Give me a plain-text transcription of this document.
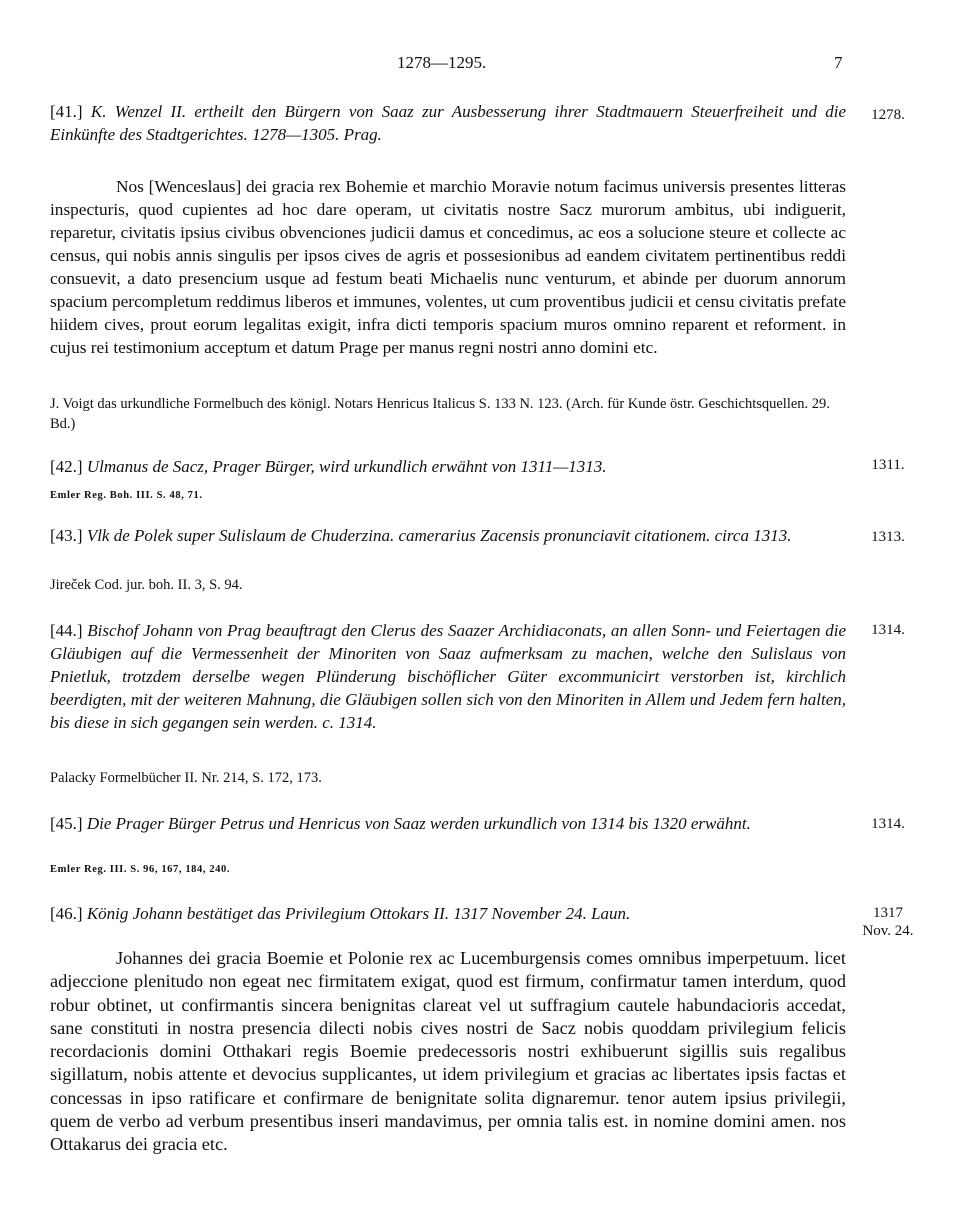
1278—1295.	7
[41.] K. Wenzel II. ertheilt den Bürgern von Saaz zur Ausbesserung ihrer Stadtmauern Steuerfreiheit und die Einkünfte des Stadtgerichtes. 1278—1305. Prag.
1278.
Nos [Wenceslaus] dei gracia rex Bohemie et marchio Moravie notum facimus universis presentes litteras inspecturis, quod cupientes ad hoc dare operam, ut civitatis nostre Sacz murorum ambitus, ubi indiguerit, reparetur, civitatis ipsius civibus obvenciones judicii damus et concedimus, ac eos a solucione steure et collecte ac census, qui nobis annis singulis per ipsos cives de agris et possesionibus ad eandem civitatem pertinentibus reddi consuevit, a dato presencium usque ad festum beati Michaelis nunc venturum, et abinde per duorum annorum spacium percompletum reddimus liberos et immunes, volentes, ut cum proventibus judicii et censu civitatis prefate hiidem cives, prout eorum legalitas exigit, infra dicti temporis spacium muros omnino reparent et reforment. in cujus rei testimonium acceptum et datum Prage per manus regni nostri anno domini etc.
J. Voigt das urkundliche Formelbuch des königl. Notars Henricus Italicus S. 133 N. 123. (Arch. für Kunde östr. Geschichtsquellen. 29. Bd.)
[42.] Ulmanus de Sacz, Prager Bürger, wird urkundlich erwähnt von 1311—1313.	1311.
Emler Reg. Boh. III. S. 48, 71.
[43.] Vlk de Polek super Sulislaum de Chuderzina. camerarius Zacensis pronunciavit citationem. circa 1313.	1313.
Jireček Cod. jur. boh. II. 3, S. 94.
[44.] Bischof Johann von Prag beauftragt den Clerus des Saazer Archidiaconats, an allen Sonn- und Feiertagen die Gläubigen auf die Vermessenheit der Minoriten von Saaz aufmerksam zu machen, welche den Sulislaus von Pnietluk, trotzdem derselbe wegen Plünderung bischöflicher Güter excommunicirt verstorben ist, kirchlich beerdigten, mit der weiteren Mahnung, die Gläubigen sollen sich von den Minoriten in Allem und Jedem fern halten, bis diese in sich gegangen sein werden. c. 1314.
1314.
Palacky Formelbücher II. Nr. 214, S. 172, 173.
[45.] Die Prager Bürger Petrus und Henricus von Saaz werden urkundlich von 1314 bis 1320 erwähnt.	1314.
Emler Reg. III. S. 96, 167, 184, 240.
[46.] König Johann bestätiget das Privilegium Ottokars II. 1317 November 24. Laun.	1317
Nov. 24.
Johannes dei gracia Boemie et Polonie rex ac Lucemburgensis comes omnibus imperpetuum. licet adjeccione plenitudo non egeat nec firmitatem exigat, quod est firmum, confirmatur tamen interdum, quod robur obtinet, ut confirmantis sincera benignitas clareat vel ut suffragium cautele habundacioris accedat, sane constituti in nostra presencia dilecti nobis cives nostri de Sacz nobis quoddam privilegium felicis recordacionis domini Otthakari regis Boemie predecessoris nostri exhibuerunt sigillis suis regalibus sigillatum, nobis attente et devocius supplicantes, ut idem privilegium et gracias ac libertates ipsis factas et concessas in ipso ratificare et confirmare de benignitate solita dignaremur. tenor autem ipsius privilegii, quem de verbo ad verbum presentibus inseri mandavimus, per omnia talis est. in nomine domini amen. nos Ottakarus dei gracia etc.
